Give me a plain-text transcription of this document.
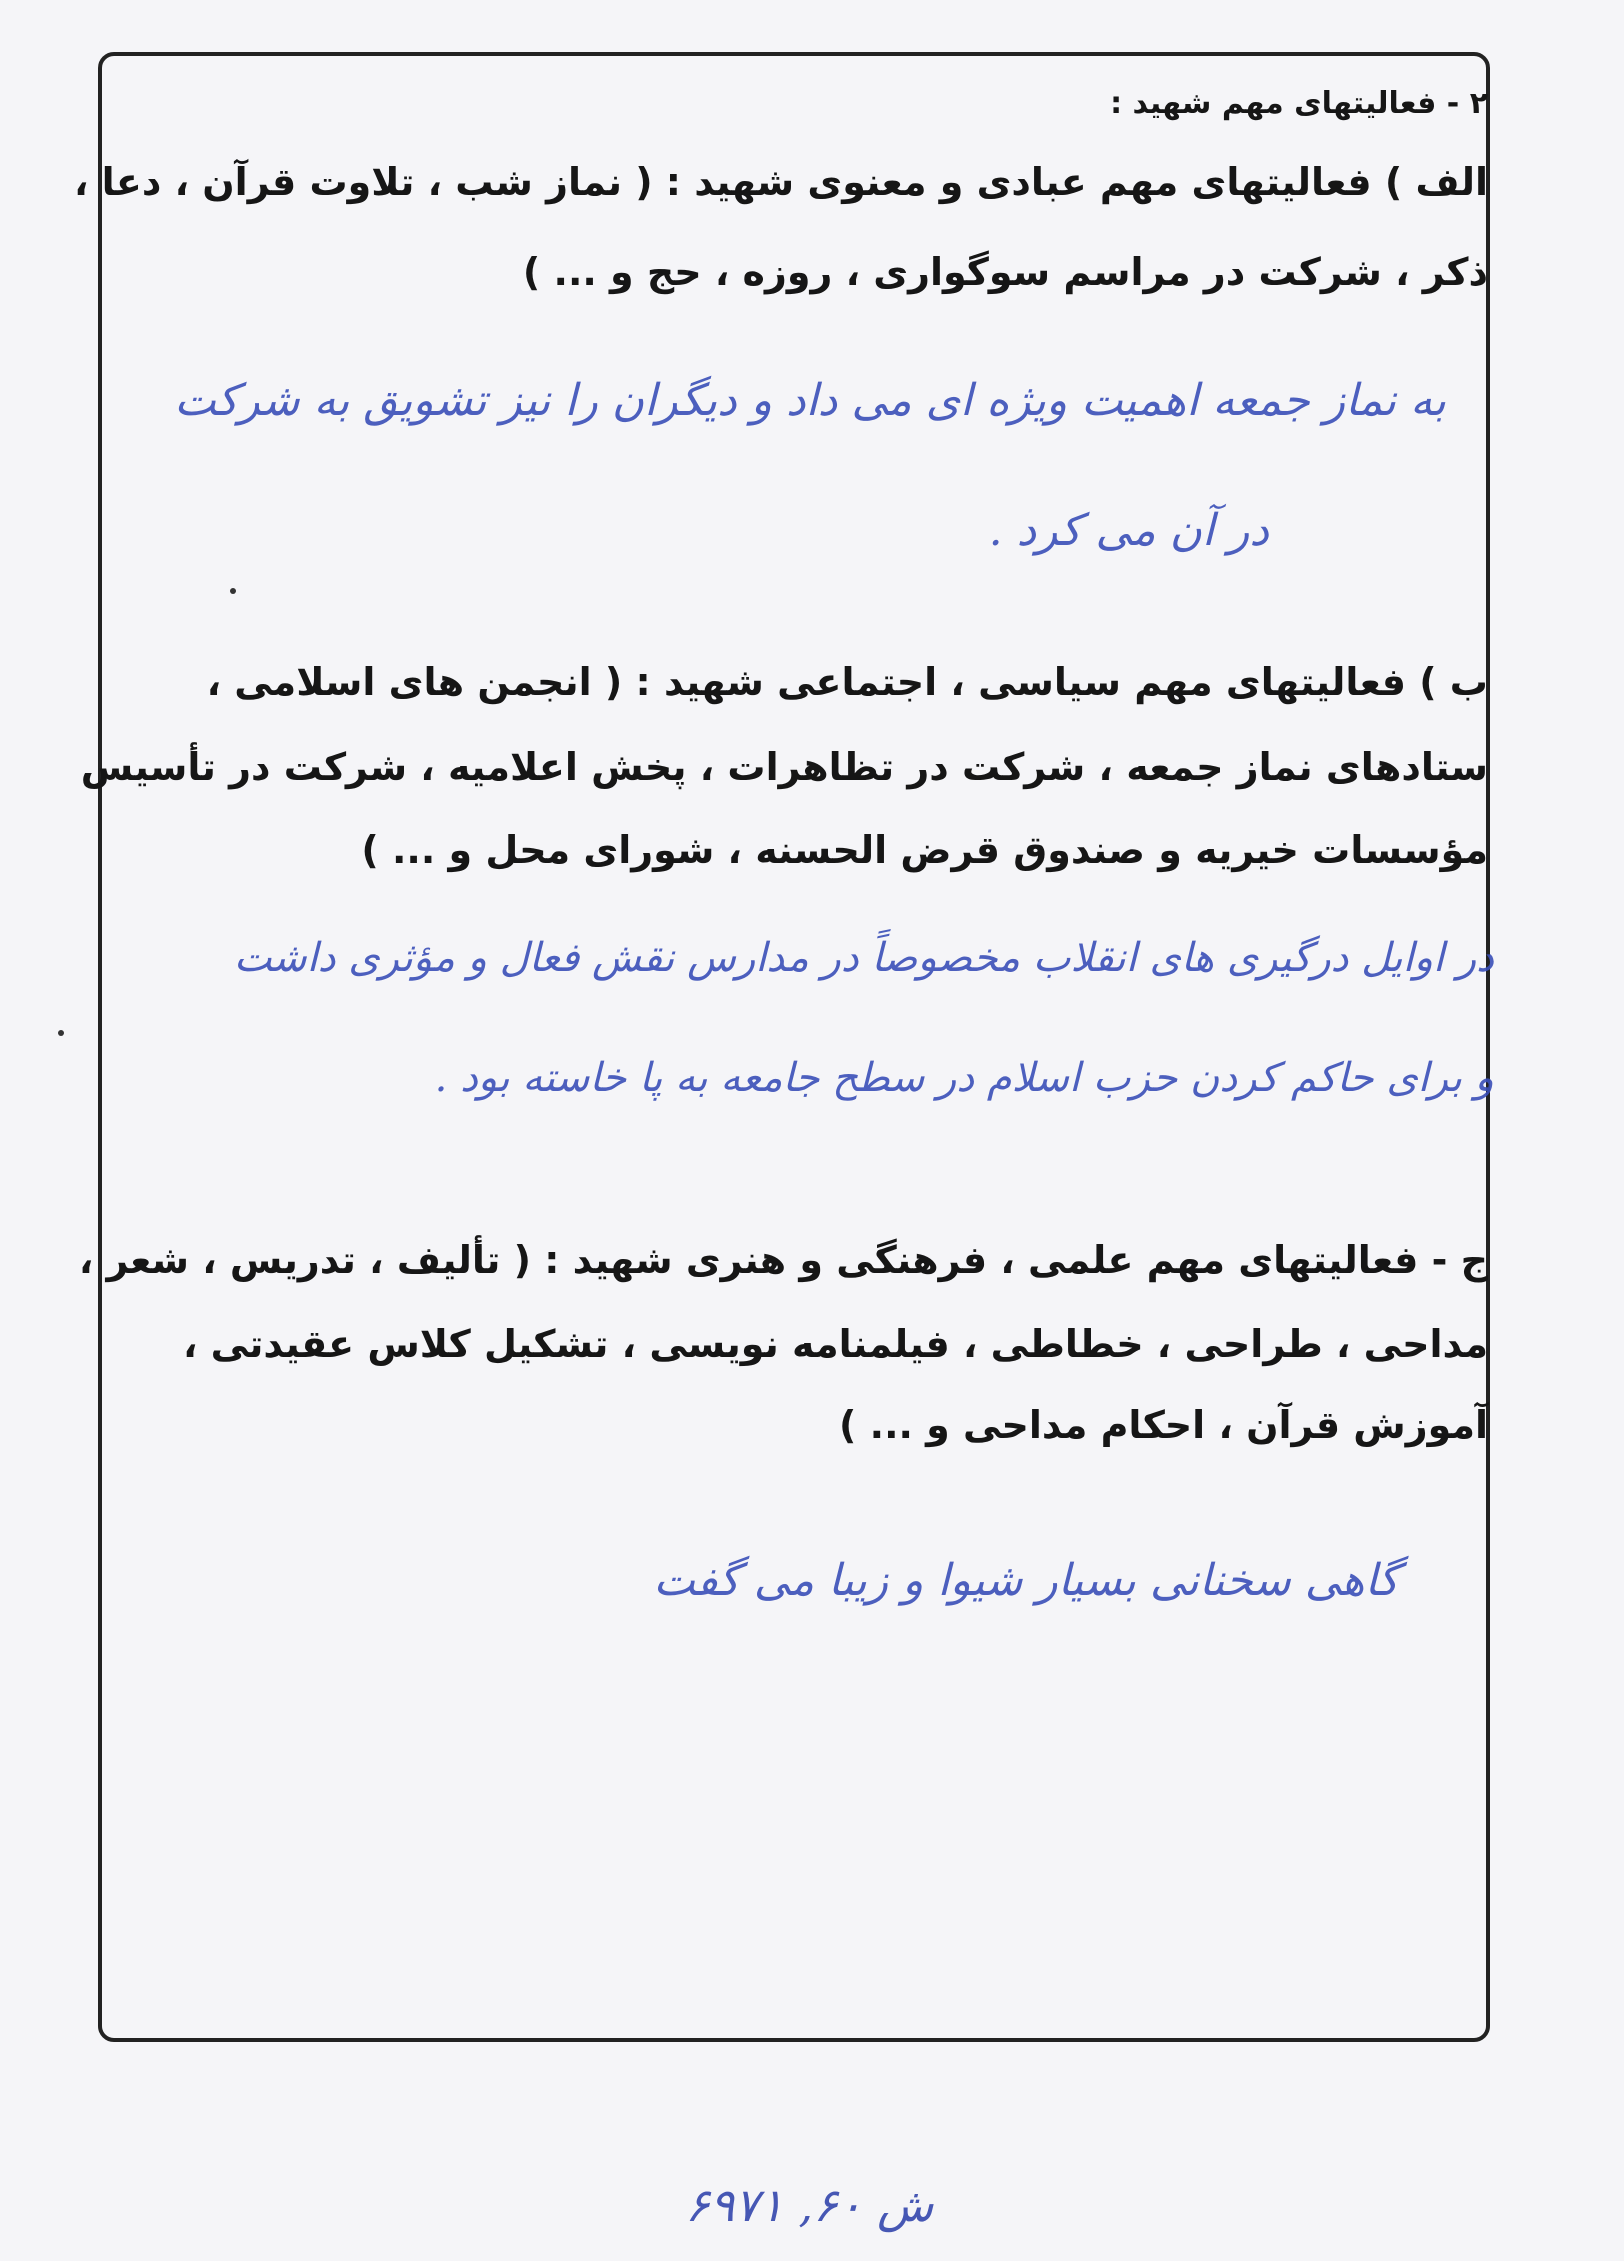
۲ - فعالیتهای مهم شهید :
الف ) فعالیتهای مهم عبادی و معنوی شهید : ( نماز شب ، تلاوت قرآن ، دعا ،
ذکر ، شرکت در مراسم سوگواری ، روزه ، حج و ... )
به نماز جمعه اهمیت ویژه ای می داد و دیگران را نیز تشویق به شرکت
در آن می کرد .
ب ) فعالیتهای مهم سیاسی ، اجتماعی شهید : ( انجمن های اسلامی ،
ستادهای نماز جمعه ، شرکت در تظاهرات ، پخش اعلامیه ، شرکت در تأسیس
مؤسسات خیریه و صندوق قرض الحسنه ، شورای محل و ... )
در اوایل درگیری های انقلاب مخصوصاً در مدارس نقش فعال و مؤثری داشت
و برای حاکم کردن حزب اسلام در سطح جامعه به پا خاسته بود .
ج - فعالیتهای مهم علمی ، فرهنگی و هنری شهید : ( تألیف ، تدریس ، شعر ،
مداحی ، طراحی ، خطاطی ، فیلمنامه نویسی ، تشکیل کلاس عقیدتی ،
آموزش قرآن ، احکام مداحی و ... )
گاهی سخنانی بسیار شیوا و زیبا می گفت
۶۹۷۱ ,۶۰ ش
